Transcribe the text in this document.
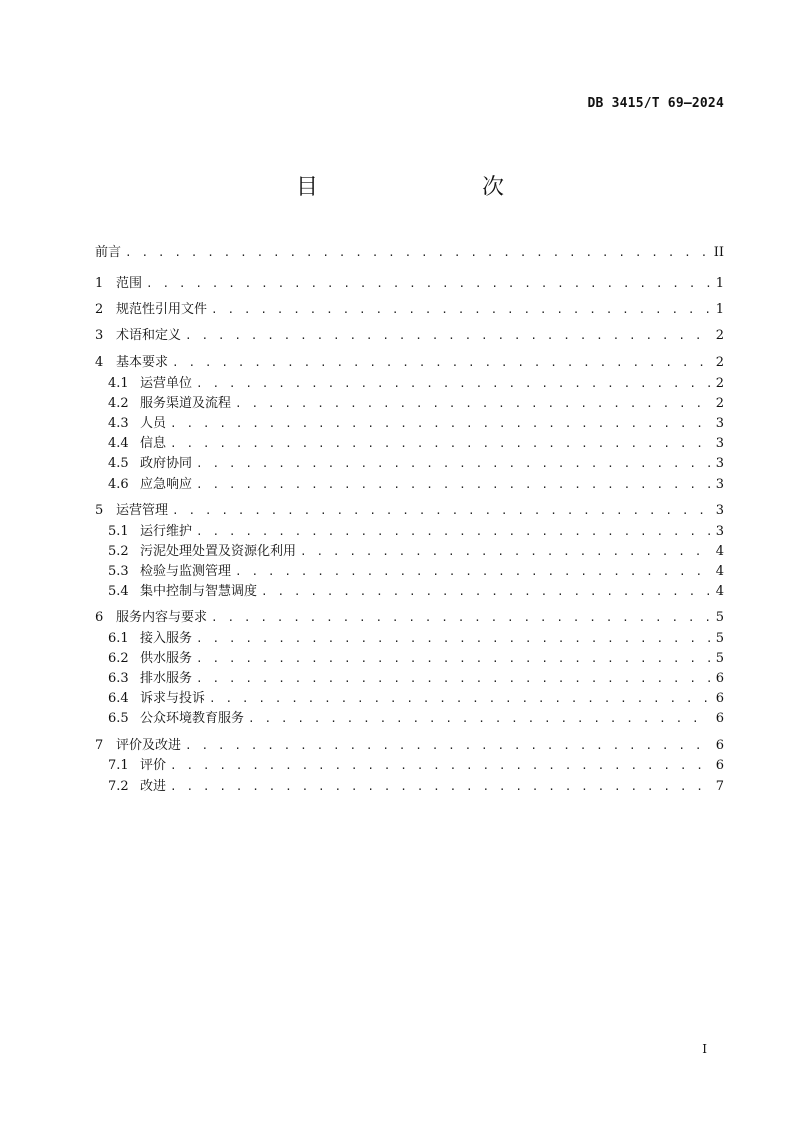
DB 3415/T 69—2024
目　　次
前言 . . .	II
1 范围 . . .	1
2 规范性引用文件 . . .	1
3 术语和定义 . . .	2
4 基本要求 . . .	2
4.1 运营单位 . . .	2
4.2 服务渠道及流程 . . .	2
4.3 人员 . . .	3
4.4 信息 . . .	3
4.5 政府协同 . . .	3
4.6 应急响应 . . .	3
5 运营管理 . . .	3
5.1 运行维护 . . .	3
5.2 污泥处理处置及资源化利用 . . .	4
5.3 检验与监测管理 . . .	4
5.4 集中控制与智慧调度 . . .	4
6 服务内容与要求 . . .	5
6.1 接入服务 . . .	5
6.2 供水服务 . . .	5
6.3 排水服务 . . .	6
6.4 诉求与投诉 . . .	6
6.5 公众环境教育服务 . . .	6
7 评价及改进 . . .	6
7.1 评价 . . .	6
7.2 改进 . . .	7
I
